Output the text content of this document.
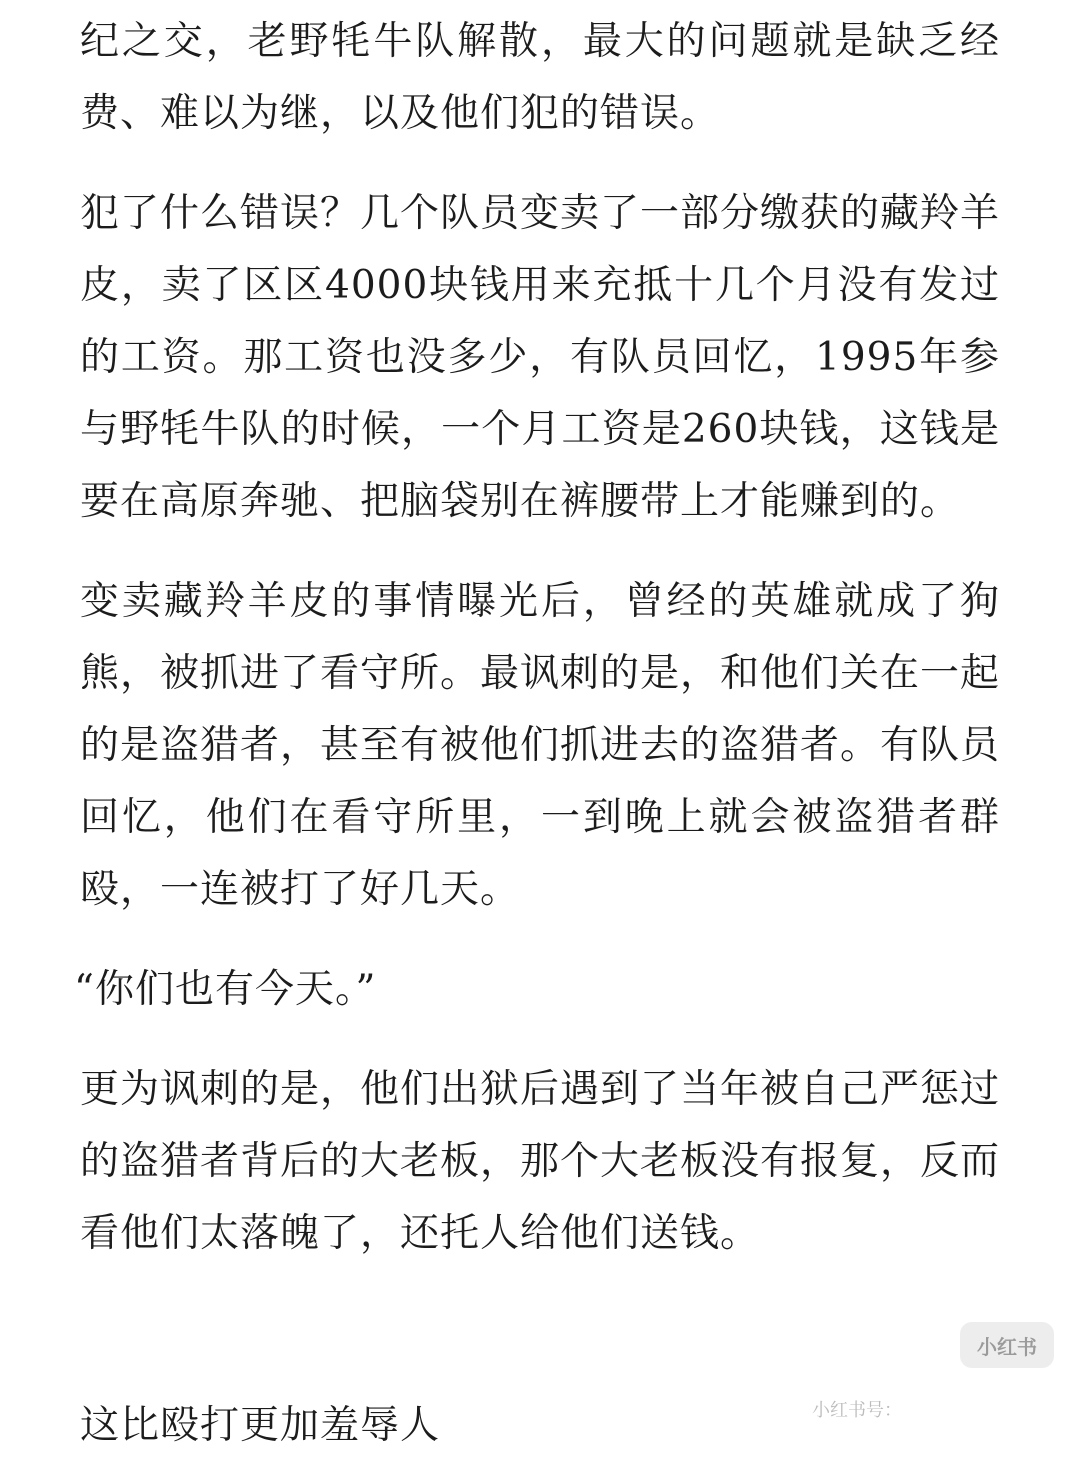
纪之交，老野牦牛队解散，最大的问题就是缺乏经费、难以为继，以及他们犯的错误。

犯了什么错误？几个队员变卖了一部分缴获的藏羚羊皮，卖了区区4000块钱用来充抵十几个月没有发过的工资。那工资也没多少，有队员回忆，1995年参与野牦牛队的时候，一个月工资是260块钱，这钱是要在高原奔驰、把脑袋别在裤腰带上才能赚到的。

变卖藏羚羊皮的事情曝光后，曾经的英雄就成了狗熊，被抓进了看守所。最讽刺的是，和他们关在一起的是盗猎者，甚至有被他们抓进去的盗猎者。有队员回忆，他们在看守所里，一到晚上就会被盗猎者群殴，一连被打了好几天。

“你们也有今天。”

更为讽刺的是，他们出狱后遇到了当年被自己严惩过的盗猎者背后的大老板，那个大老板没有报复，反而看他们太落魄了，还托人给他们送钱。

这比殴打更加羞辱人
小红书
小红书号：
